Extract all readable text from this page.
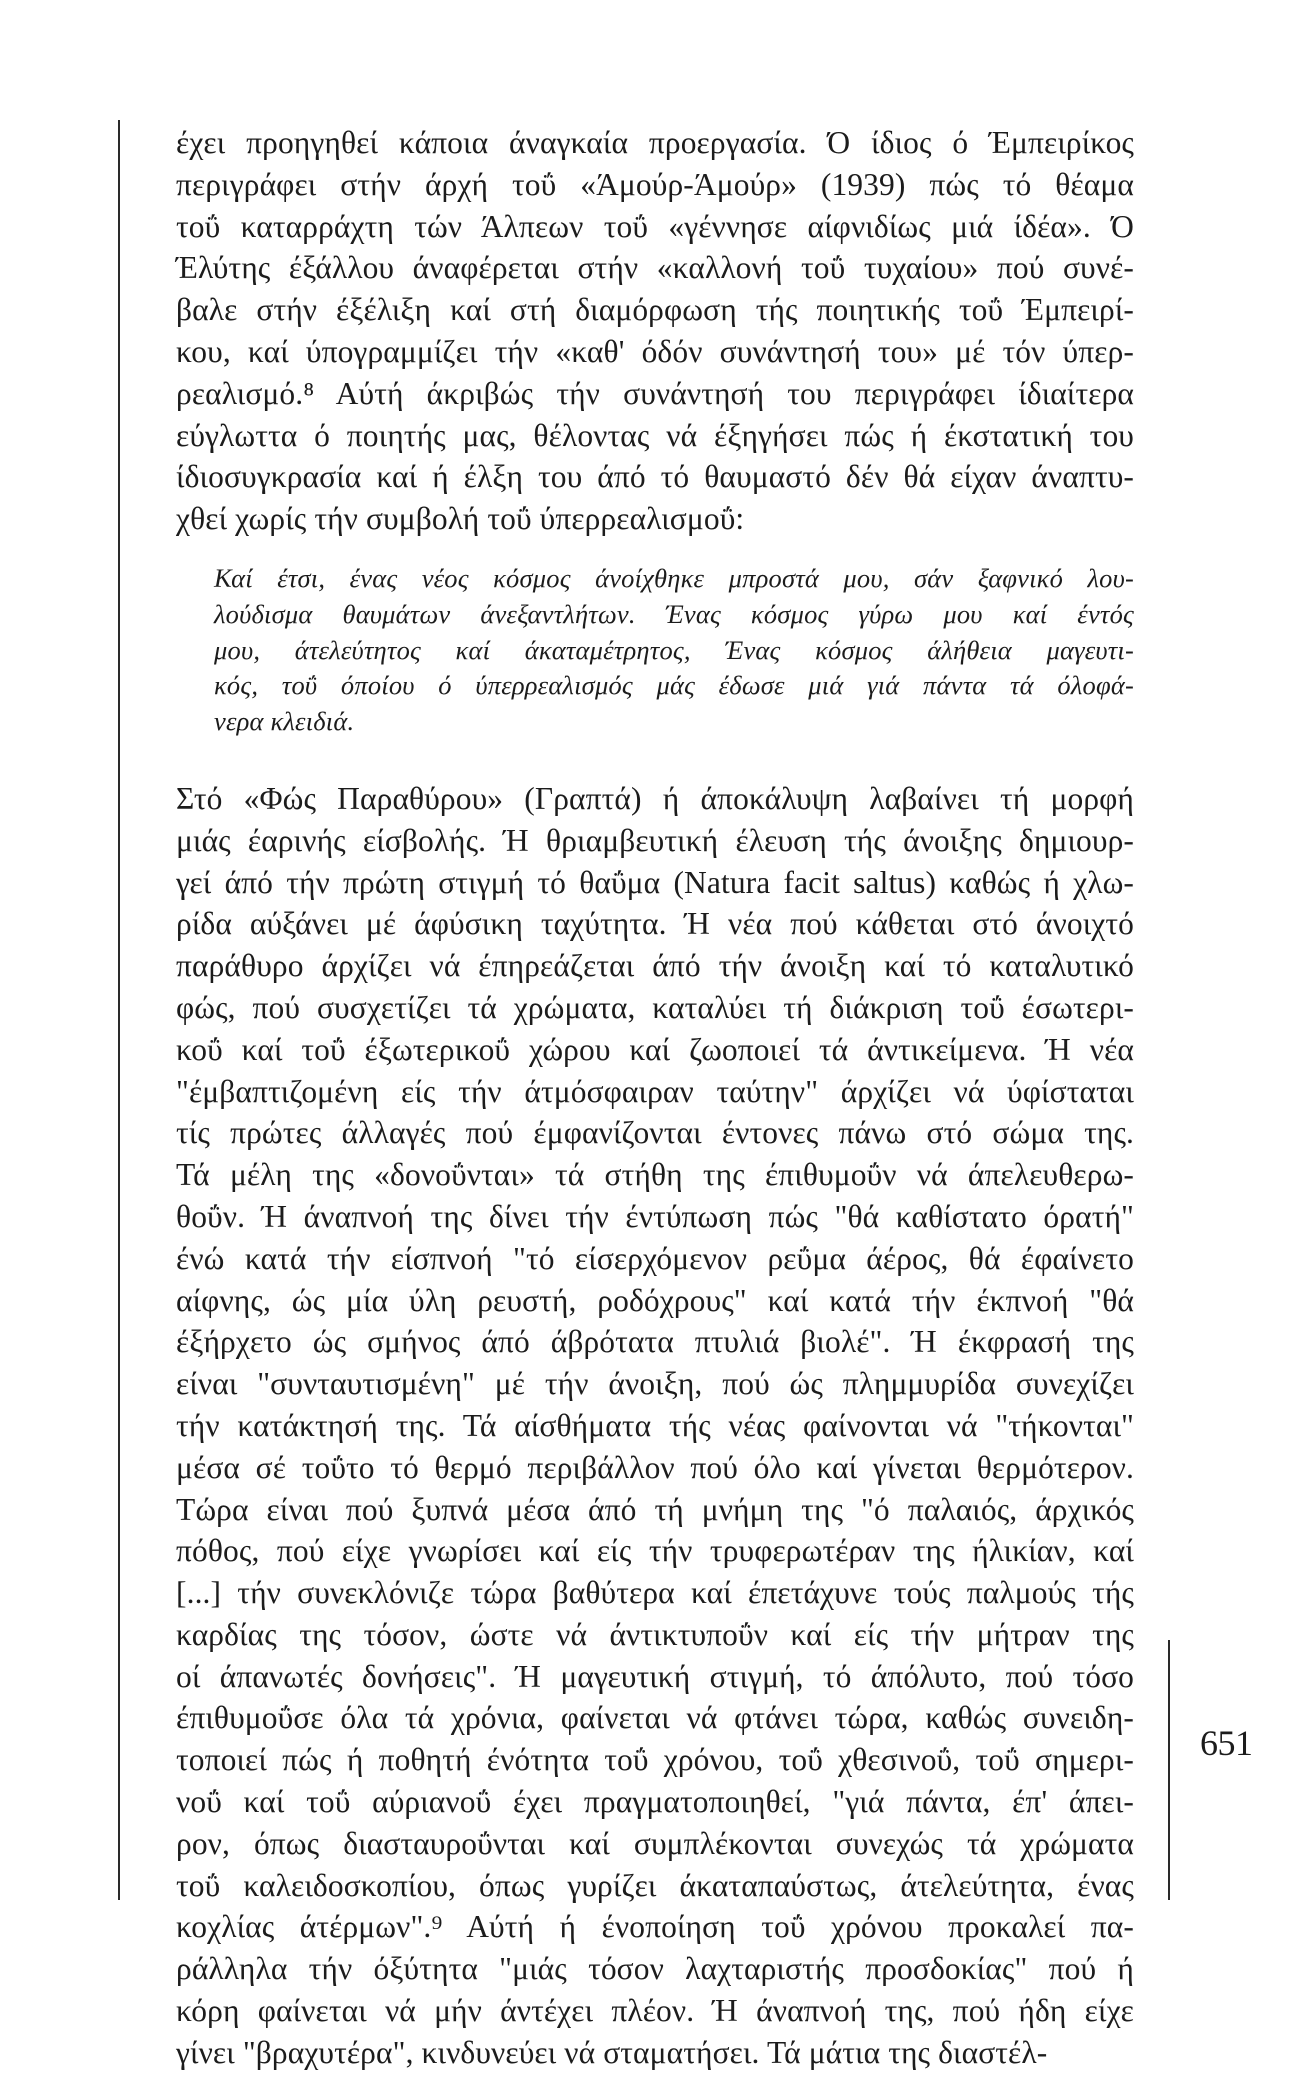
έχει προηγηθεί κάποια άναγκαία προεργασία. Ό ίδιος ό Έμπειρίκος
περιγράφει στήν άρχή τοΰ «Άμούρ-Άμούρ» (1939) πώς τό θέαμα
τοΰ καταρράχτη τών Άλπεων τοΰ «γέννησε αίφνιδίως μιά ίδέα». Ό
Έλύτης έξάλλου άναφέρεται στήν «καλλονή τοΰ τυχαίου» πού συνέ-
βαλε στήν έξέλιξη καί στή διαμόρφωση τής ποιητικής τοΰ Έμπειρί-
κου, καί ύπογραμμίζει τήν «καθ' όδόν συνάντησή του» μέ τόν ύπερ-
ρεαλισμό.⁸ Αύτή άκριβώς τήν συνάντησή του περιγράφει ίδιαίτερα
εύγλωττα ό ποιητής μας, θέλοντας νά έξηγήσει πώς ή έκστατική του
ίδιοσυγκρασία καί ή έλξη του άπό τό θαυμαστό δέν θά είχαν άναπτυ-
χθεί χωρίς τήν συμβολή τοΰ ύπερρεαλισμοΰ:
Καί έτσι, ένας νέος κόσμος άνοίχθηκε μπροστά μου, σάν ξαφνικό λου-
λούδισμα θαυμάτων άνεξαντλήτων. Ένας κόσμος γύρω μου καί έντός
μου, άτελεύτητος καί άκαταμέτρητος, Ένας κόσμος άλήθεια μαγευτι-
κός, τοΰ όποίου ό ύπερρεαλισμός μάς έδωσε μιά γιά πάντα τά όλοφά-
νερα κλειδιά.
Στό «Φώς Παραθύρου» (Γραπτά) ή άποκάλυψη λαβαίνει τή μορφή
μιάς έαρινής είσβολής. Ή θριαμβευτική έλευση τής άνοιξης δημιουρ-
γεί άπό τήν πρώτη στιγμή τό θαΰμα (Natura facit saltus) καθώς ή χλω-
ρίδα αύξάνει μέ άφύσικη ταχύτητα. Ή νέα πού κάθεται στό άνοιχτό
παράθυρο άρχίζει νά έπηρεάζεται άπό τήν άνοιξη καί τό καταλυτικό
φώς, πού συσχετίζει τά χρώματα, καταλύει τή διάκριση τοΰ έσωτερι-
κοΰ καί τοΰ έξωτερικοΰ χώρου καί ζωοποιεί τά άντικείμενα. Ή νέα
"έμβαπτιζομένη είς τήν άτμόσφαιραν ταύτην" άρχίζει νά ύφίσταται
τίς πρώτες άλλαγές πού έμφανίζονται έντονες πάνω στό σώμα της.
Τά μέλη της «δονοΰνται» τά στήθη της έπιθυμοΰν νά άπελευθερω-
θοΰν. Ή άναπνοή της δίνει τήν έντύπωση πώς "θά καθίστατο όρατή"
ένώ κατά τήν είσπνοή "τό είσερχόμενον ρεΰμα άέρος, θά έφαίνετο
αίφνης, ώς μία ύλη ρευστή, ροδόχρους" καί κατά τήν έκπνοή "θά
έξήρχετο ώς σμήνος άπό άβρότατα πτυλιά βιολέ". Ή έκφρασή της
είναι "συνταυτισμένη" μέ τήν άνοιξη, πού ώς πλημμυρίδα συνεχίζει
τήν κατάκτησή της. Τά αίσθήματα τής νέας φαίνονται νά "τήκονται"
μέσα σέ τοΰτο τό θερμό περιβάλλον πού όλο καί γίνεται θερμότερον.
Τώρα είναι πού ξυπνά μέσα άπό τή μνήμη της "ό παλαιός, άρχικός
πόθος, πού είχε γνωρίσει καί είς τήν τρυφερωτέραν της ήλικίαν, καί
[...] τήν συνεκλόνιζε τώρα βαθύτερα καί έπετάχυνε τούς παλμούς τής
καρδίας της τόσον, ώστε νά άντικτυποΰν καί είς τήν μήτραν της
οί άπανωτές δονήσεις". Ή μαγευτική στιγμή, τό άπόλυτο, πού τόσο
έπιθυμοΰσε όλα τά χρόνια, φαίνεται νά φτάνει τώρα, καθώς συνειδη-
τοποιεί πώς ή ποθητή ένότητα τοΰ χρόνου, τοΰ χθεσινοΰ, τοΰ σημερι-
νοΰ καί τοΰ αύριανοΰ έχει πραγματοποιηθεί, "γιά πάντα, έπ' άπει-
ρον, όπως διασταυροΰνται καί συμπλέκονται συνεχώς τά χρώματα
τοΰ καλειδοσκοπίου, όπως γυρίζει άκαταπαύστως, άτελεύτητα, ένας
κοχλίας άτέρμων".⁹ Αύτή ή ένοποίηση τοΰ χρόνου προκαλεί πα-
ράλληλα τήν όξύτητα "μιάς τόσον λαχταριστής προσδοκίας" πού ή
κόρη φαίνεται νά μήν άντέχει πλέον. Ή άναπνοή της, πού ήδη είχε
γίνει "βραχυτέρα", κινδυνεύει νά σταματήσει. Τά μάτια της διαστέλ-
651
